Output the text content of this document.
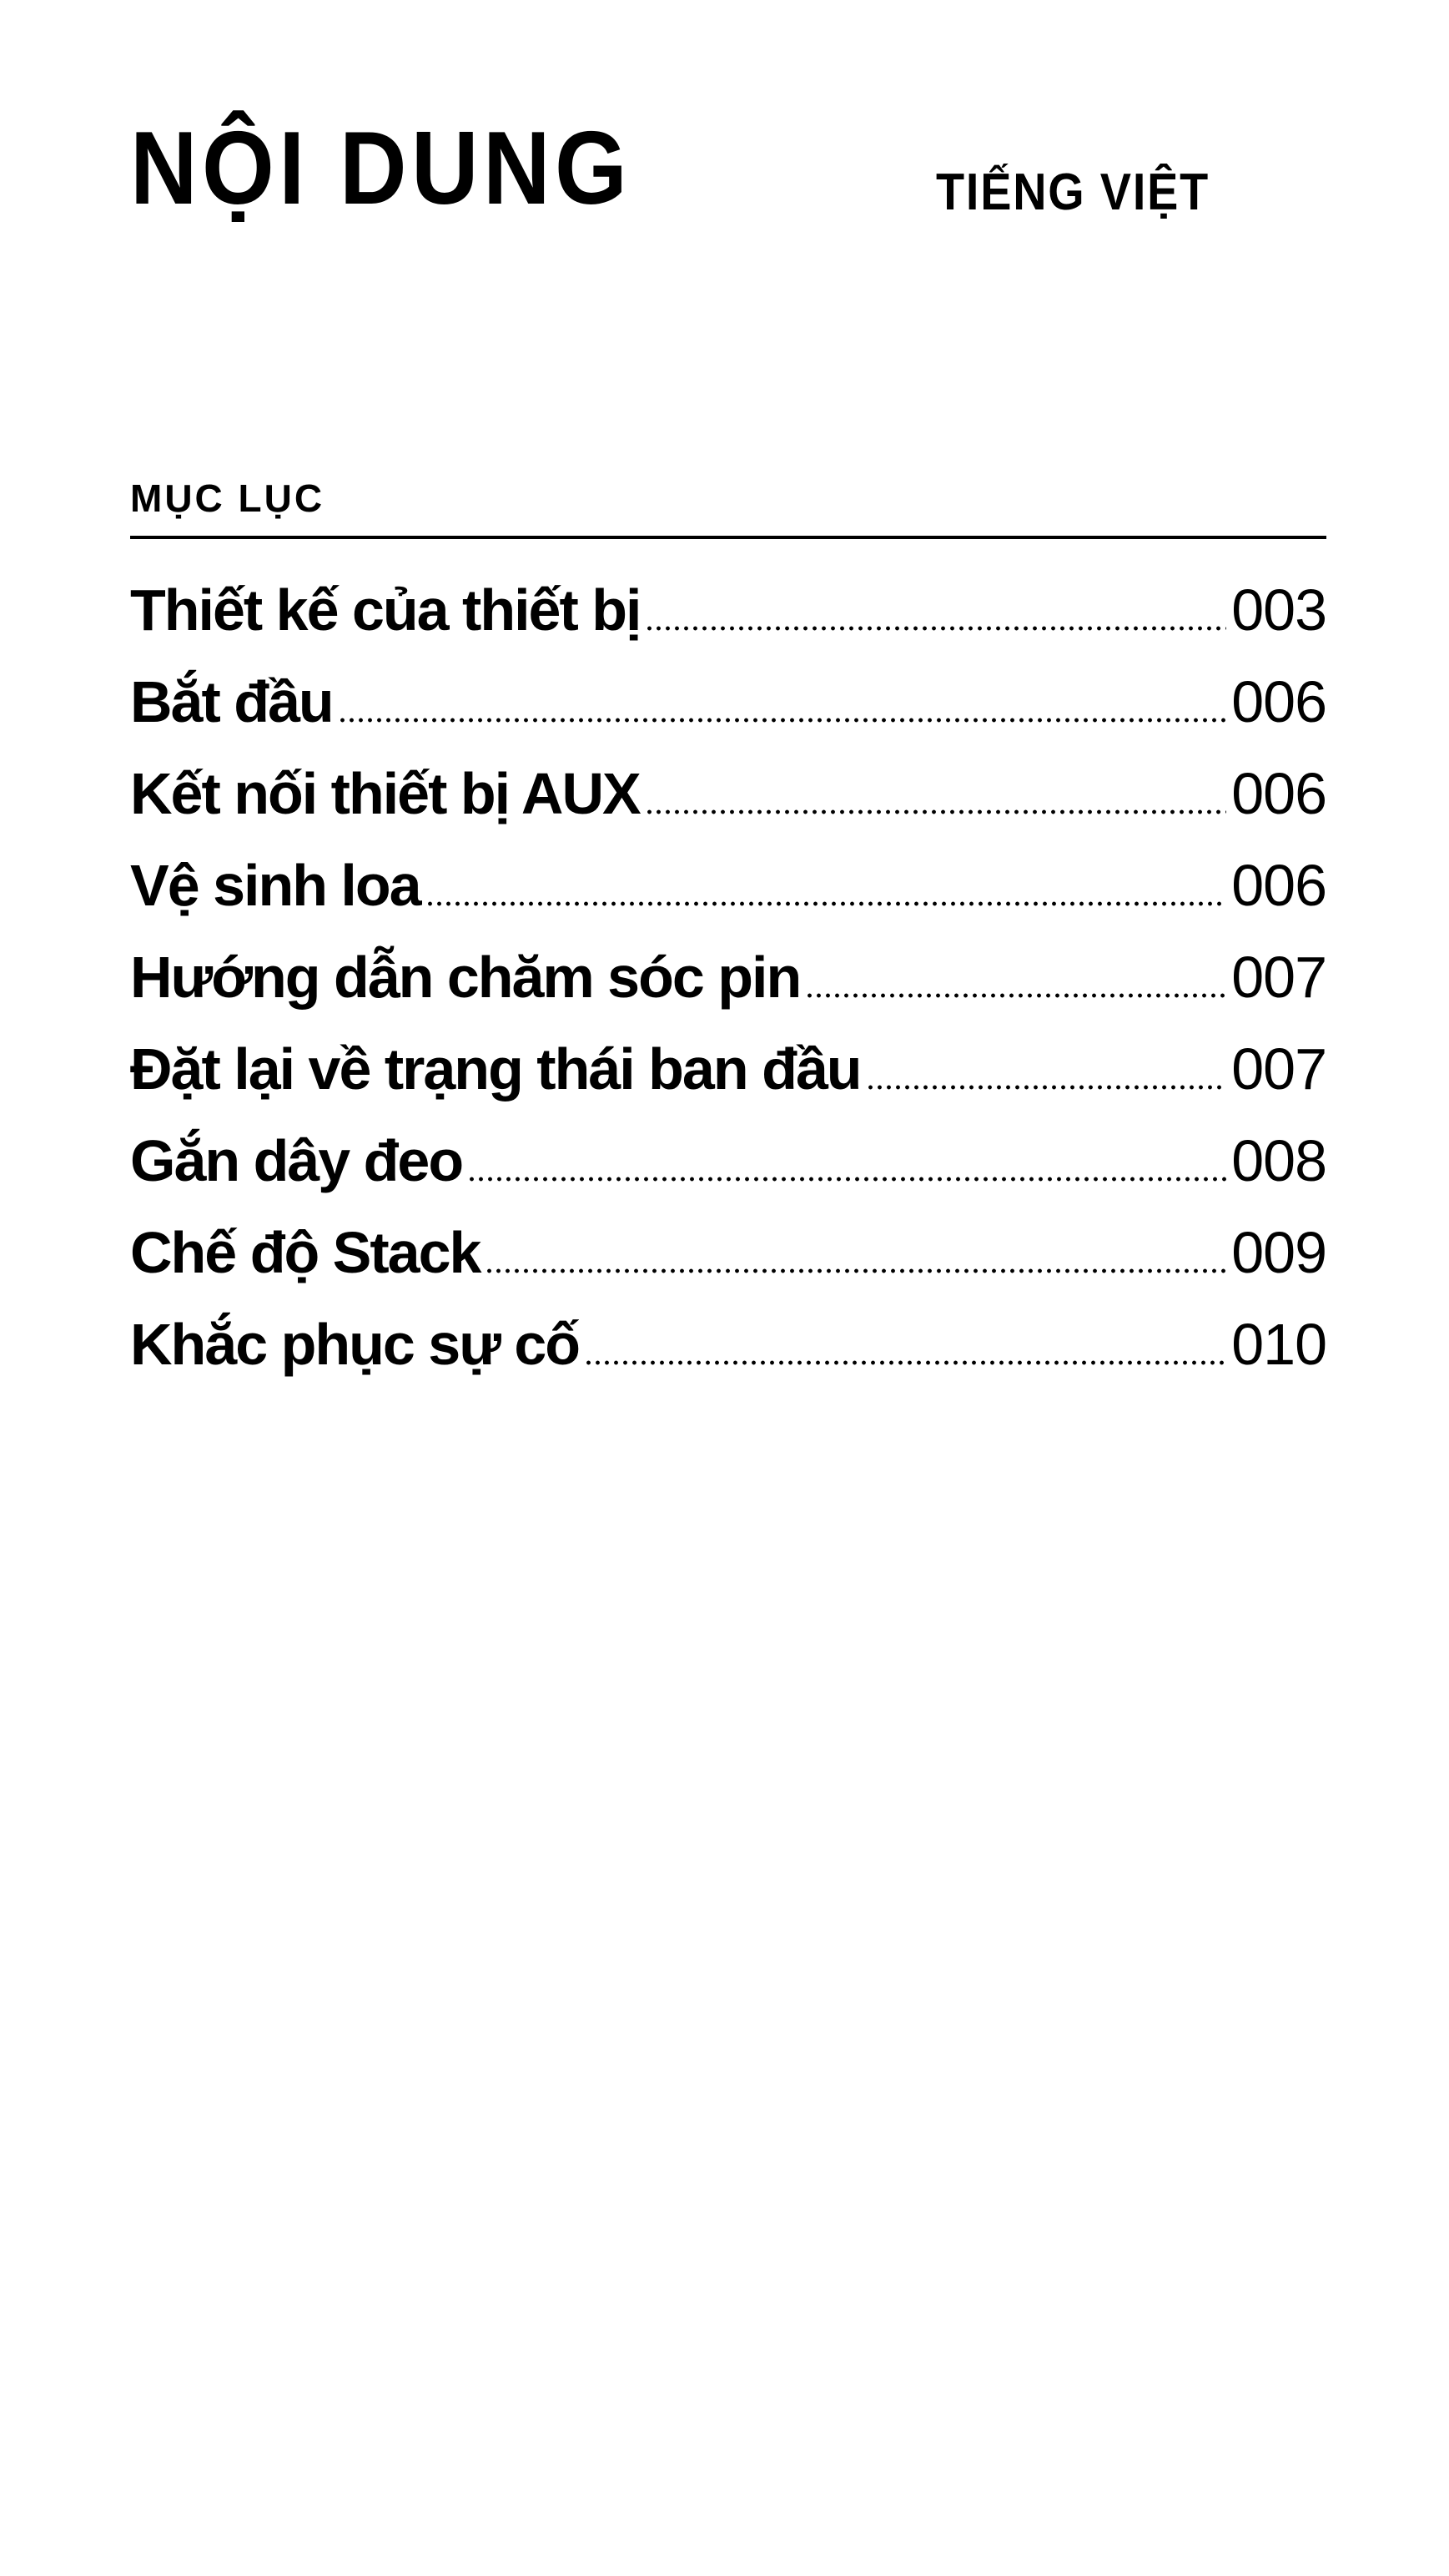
NỘI DUNG	TIẾNG VIỆT
MỤC LỤC
Thiết kế của thiết bị	003
Bắt đầu	006
Kết nối thiết bị AUX	006
Vệ sinh loa	006
Hướng dẫn chăm sóc pin	007
Đặt lại về trạng thái ban đầu	007
Gắn dây đeo	008
Chế độ Stack	009
Khắc phục sự cố	010
